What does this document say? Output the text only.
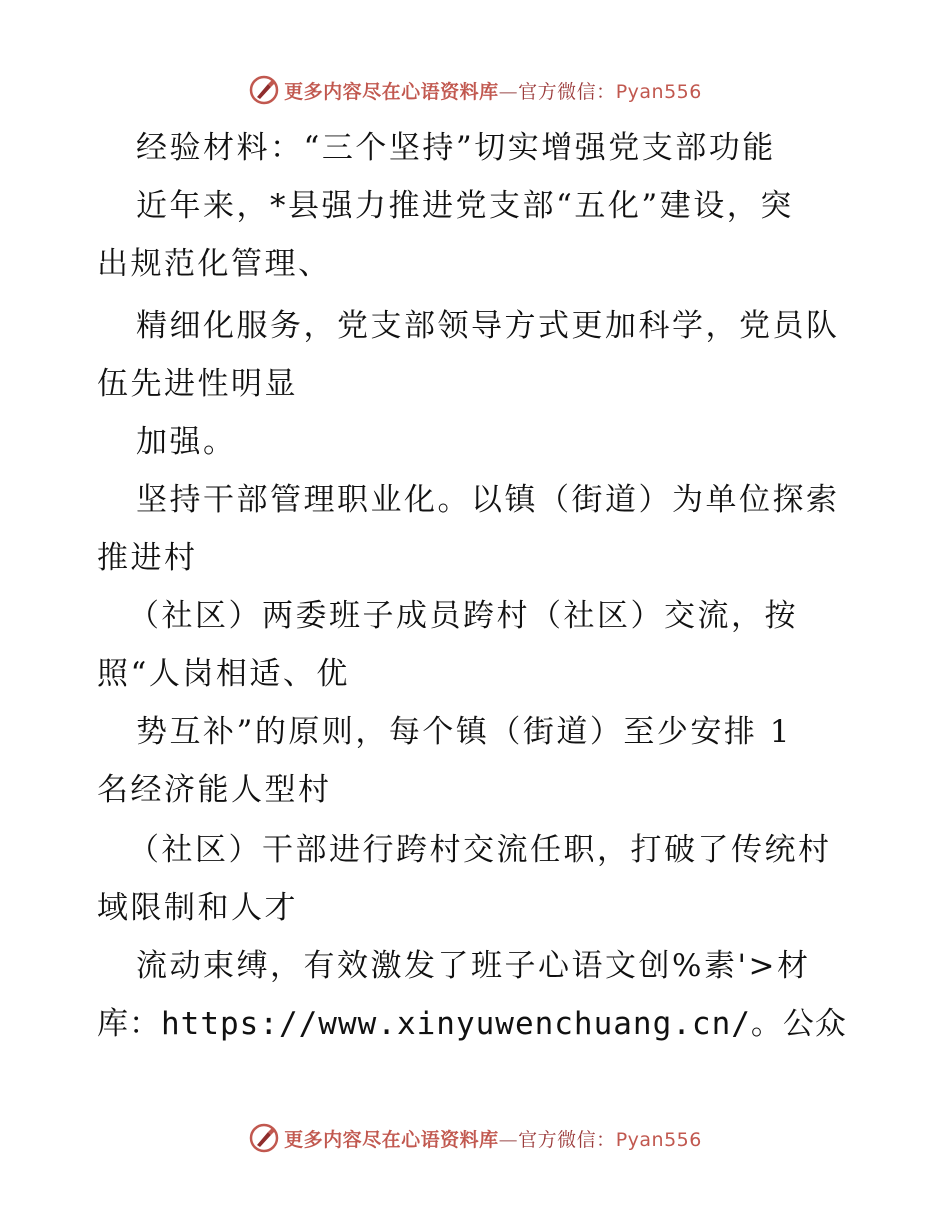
更多内容尽在心语资料库—官方微信：Pyan556
经验材料：“三个坚持”切实增强党支部功能
近年来，*县强力推进党支部“五化”建设，突
出规范化管理、
精细化服务，党支部领导方式更加科学，党员队
伍先进性明显
加强。
坚持干部管理职业化。以镇（街道）为单位探索
推进村
（社区）两委班子成员跨村（社区）交流，按
照“人岗相适、优
势互补”的原则，每个镇（街道）至少安排 1
名经济能人型村
（社区）干部进行跨村交流任职，打破了传统村
域限制和人才
流动束缚，有效激发了班子心语文创%素'>材
库：https://www.xinyuwenchuang.cn/。公众
更多内容尽在心语资料库—官方微信：Pyan556
